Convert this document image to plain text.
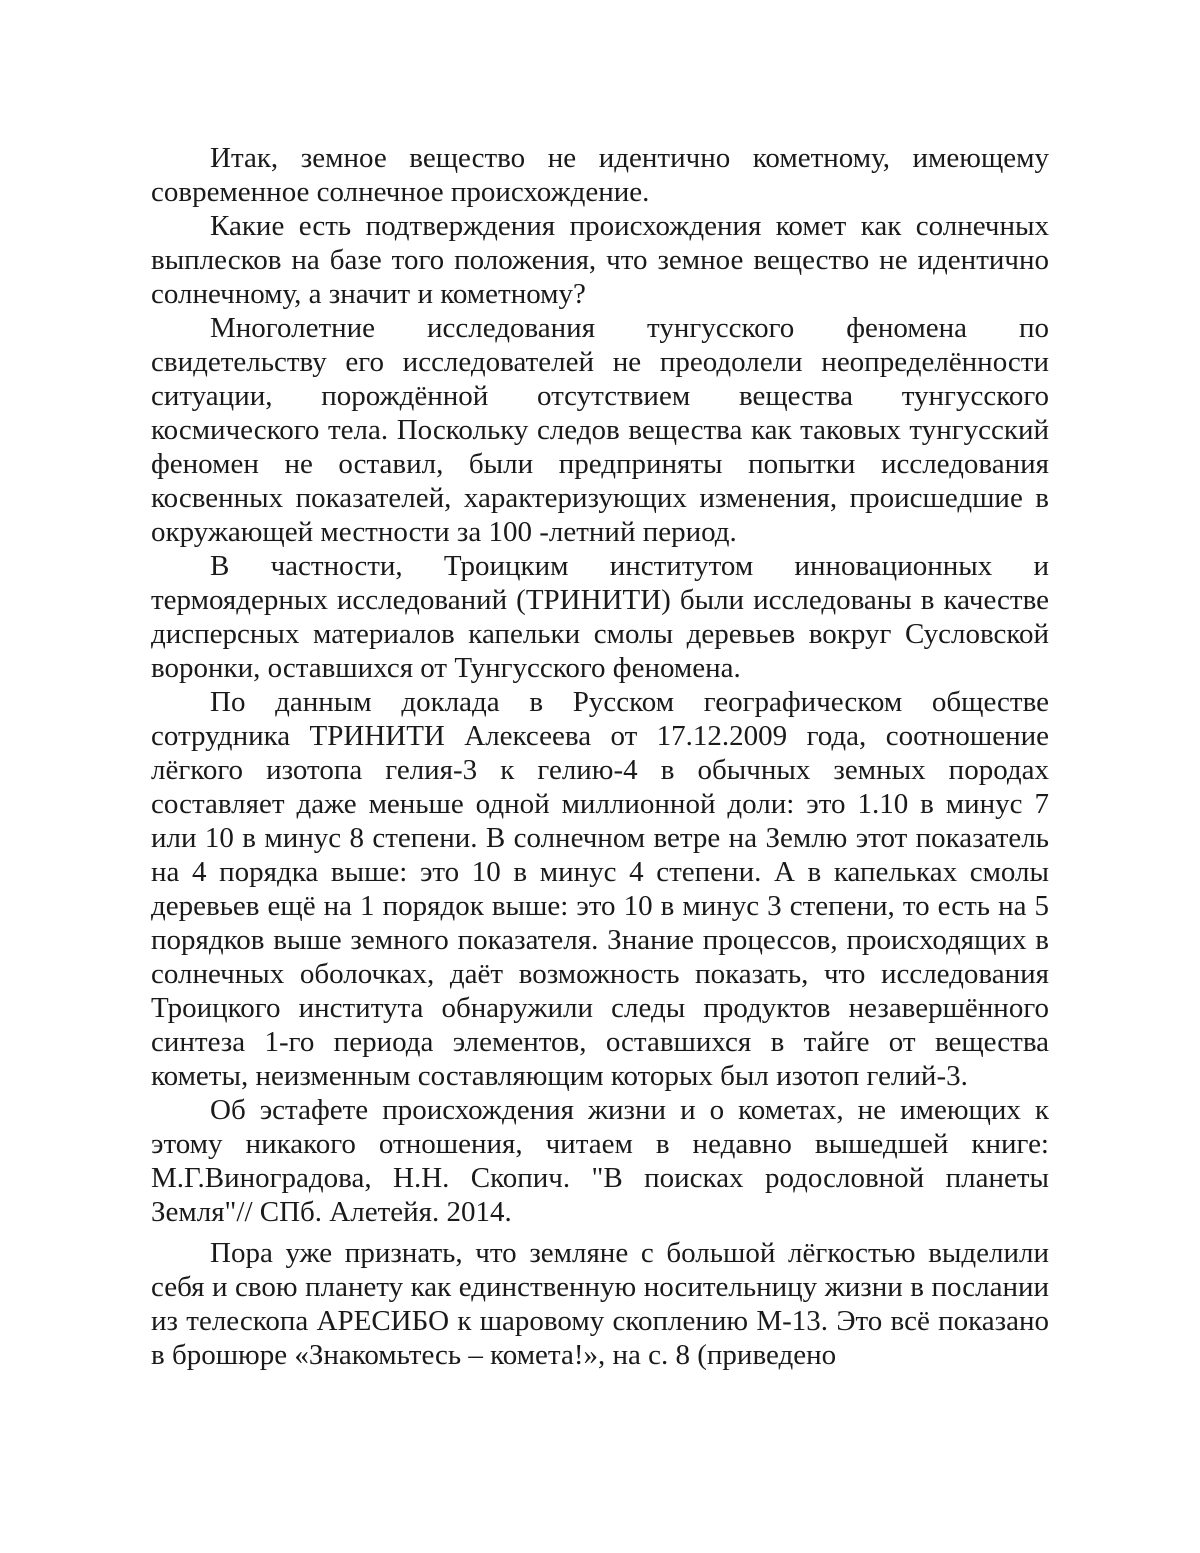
Итак, земное вещество не идентично кометному, имеющему современное солнечное происхождение.

Какие есть подтверждения происхождения комет как солнечных выплесков на базе того положения, что земное вещество не идентично солнечному, а значит и кометному?

Многолетние исследования тунгусского феномена по свидетельству его исследователей не преодолели неопределённости ситуации, порождённой отсутствием вещества тунгусского космического тела. Поскольку следов вещества как таковых тунгусский феномен не оставил, были предприняты попытки исследования косвенных показателей, характеризующих изменения, происшедшие в окружающей местности за 100 -летний период.

В частности, Троицким институтом инновационных и термоядерных исследований (ТРИНИТИ) были исследованы в качестве дисперсных материалов капельки смолы деревьев вокруг Сусловской воронки, оставшихся от Тунгусского феномена.

По данным доклада в Русском географическом обществе сотрудника ТРИНИТИ Алексеева от 17.12.2009 года, соотношение лёгкого изотопа гелия-3 к гелию-4 в обычных земных породах составляет даже меньше одной миллионной доли: это 1.10 в минус 7 или 10 в минус 8 степени. В солнечном ветре на Землю этот показатель на 4 порядка выше: это 10 в минус 4 степени. А в капельках смолы деревьев ещё на 1 порядок выше: это 10 в минус 3 степени, то есть на 5 порядков выше земного показателя. Знание процессов, происходящих в солнечных оболочках, даёт возможность показать, что исследования Троицкого института обнаружили следы продуктов незавершённого синтеза 1-го периода элементов, оставшихся в тайге от вещества кометы, неизменным составляющим которых был изотоп гелий-3.

Об эстафете происхождения жизни и о кометах, не имеющих к этому никакого отношения, читаем в недавно вышедшей книге: М.Г.Виноградова, Н.Н. Скопич. "В поисках родословной планеты Земля"// СПб. Алетейя. 2014.

Пора уже признать, что земляне с большой лёгкостью выделили себя и свою планету как единственную носительницу жизни в послании из телескопа АРЕСИБО к шаровому скоплению М-13. Это всё показано в брошюре «Знакомьтесь – комета!», на с. 8 (приведено
